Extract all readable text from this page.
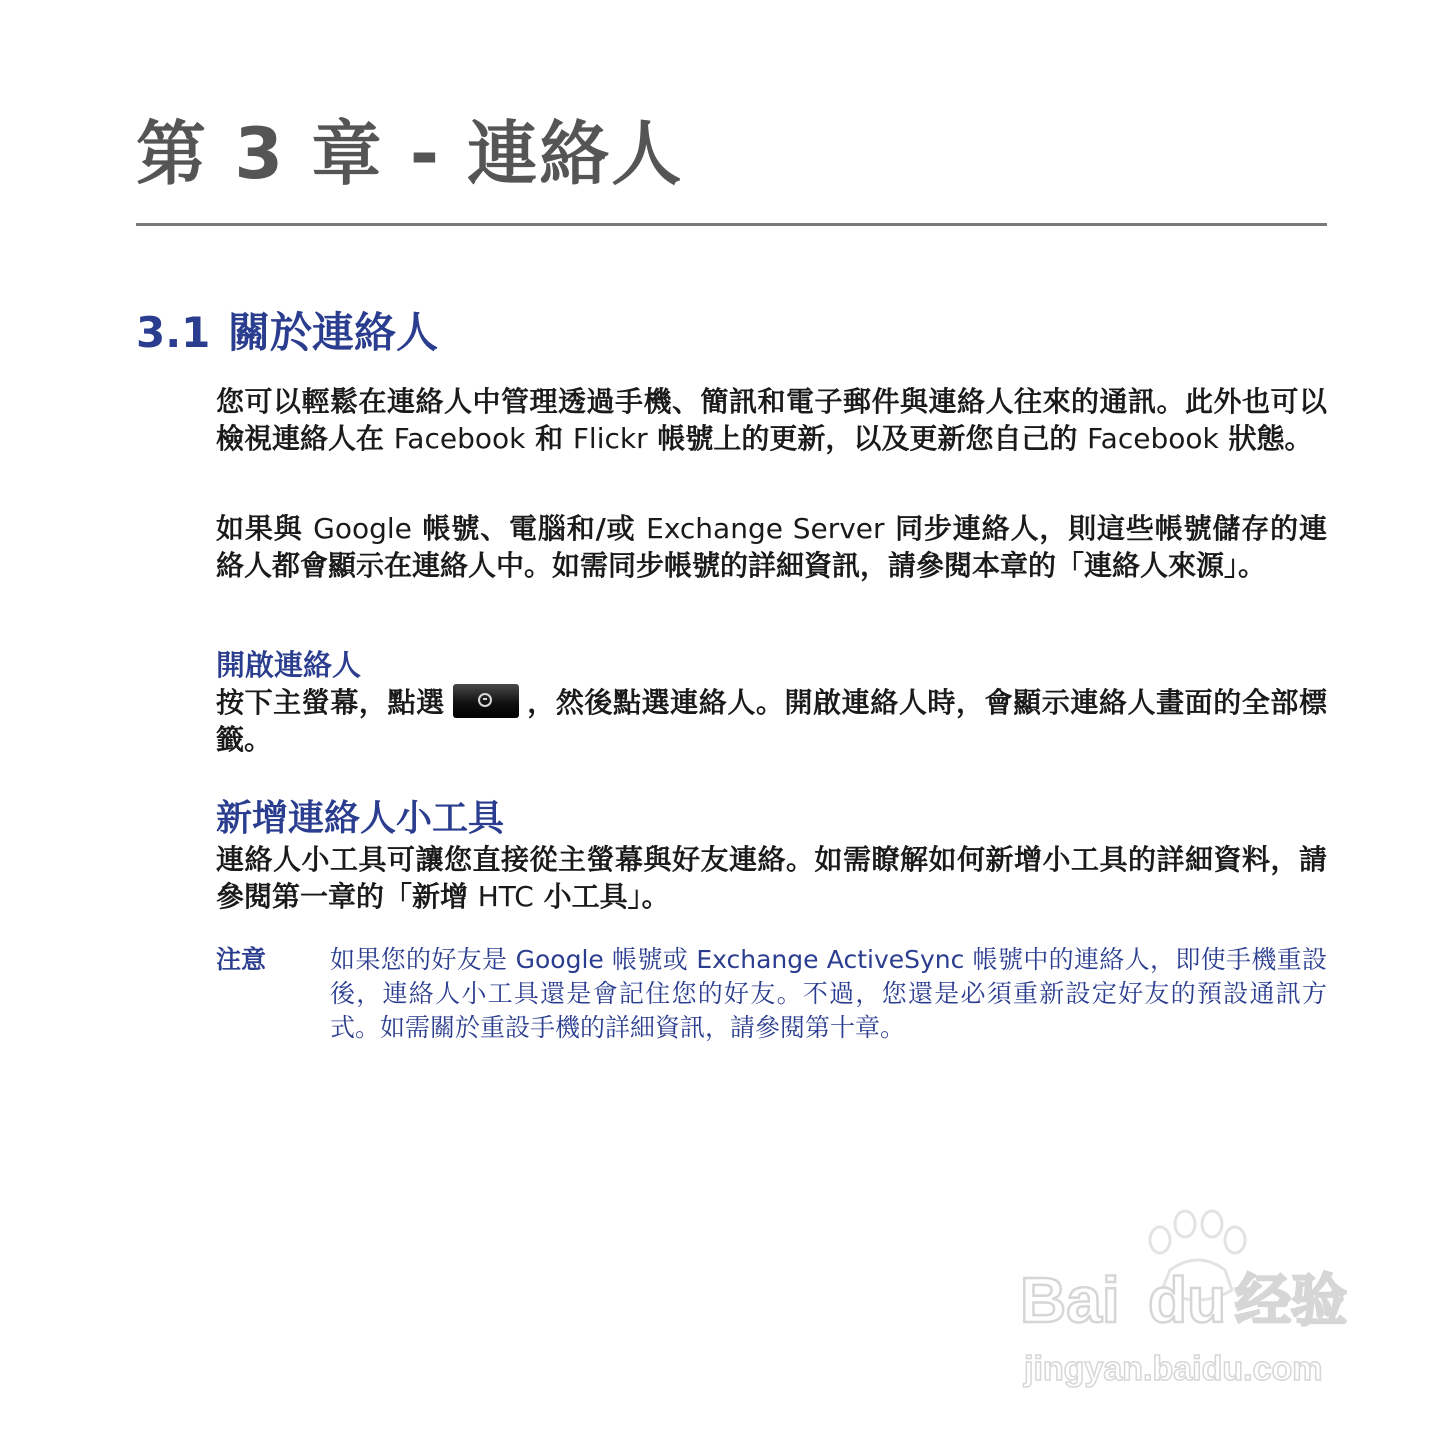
第 3 章 - 連絡人
3.1 關於連絡人

您可以輕鬆在連絡人中管理透過手機、簡訊和電子郵件與連絡人往來的通訊。此外也可以檢視連絡人在 Facebook 和 Flickr 帳號上的更新，以及更新您自己的 Facebook 狀態。

如果與 Google 帳號、電腦和/或 Exchange Server 同步連絡人，則這些帳號儲存的連絡人都會顯示在連絡人中。如需同步帳號的詳細資訊，請參閱本章的「連絡人來源」。

開啟連絡人

按下主螢幕，點選	，然後點選連絡人。開啟連絡人時，會顯示連絡人畫面的全部標籤。

新增連絡人小工具

連絡人小工具可讓您直接從主螢幕與好友連絡。如需瞭解如何新增小工具的詳細資料，請參閱第一章的「新增 HTC 小工具」。

注意	如果您的好友是 Google 帳號或 Exchange ActiveSync 帳號中的連絡人，即使手機重設後，連絡人小工具還是會記住您的好友。不過，您還是必須重新設定好友的預設通訊方式。如需關於重設手機的詳細資訊，請參閱第十章。
Bai du 经验
jingyan.baidu.com
